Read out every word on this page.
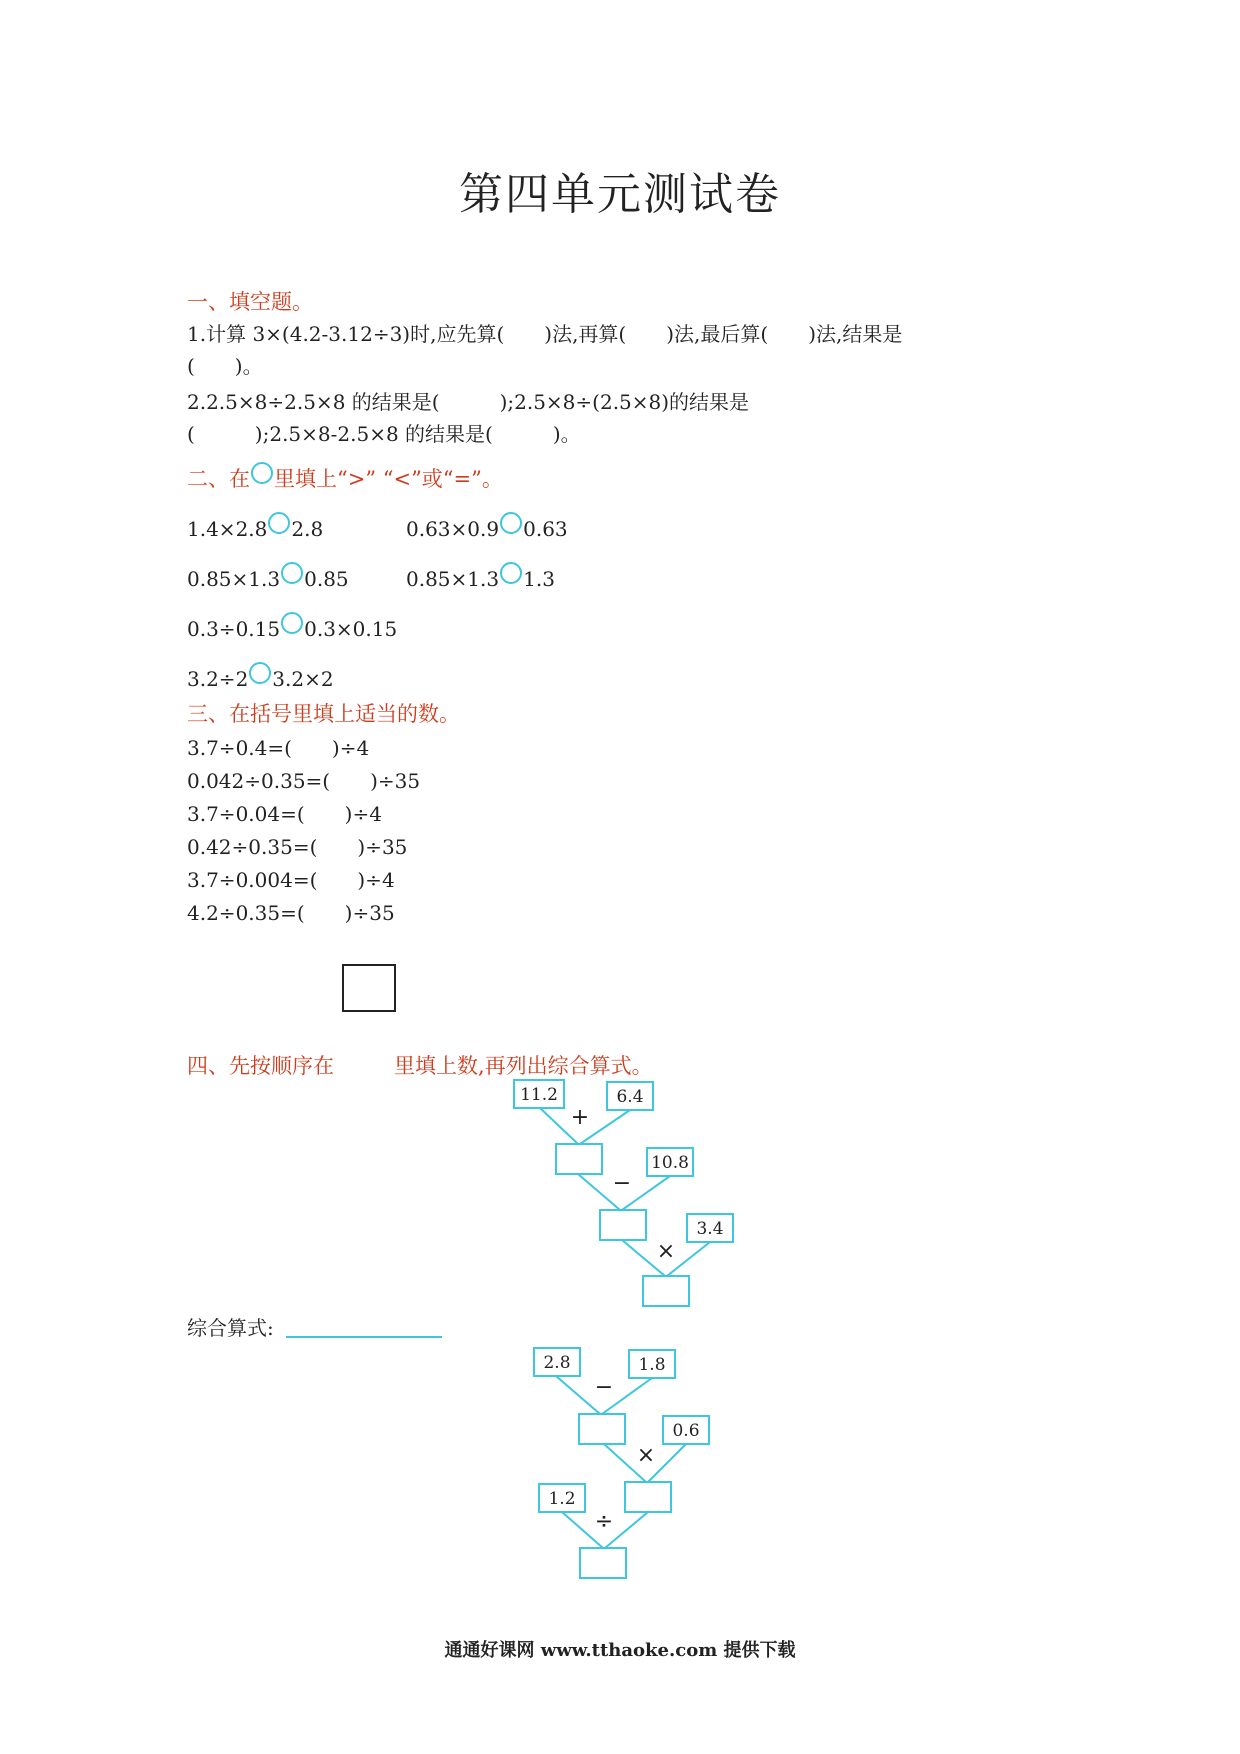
第四单元测试卷
一、填空题。
1.计算 3×(4.2-3.12÷3)时,应先算(　　)法,再算(　　)法,最后算(　　)法,结果是
(　　)。
2.2.5×8÷2.5×8 的结果是(　　　);2.5×8÷(2.5×8)的结果是
(　　　);2.5×8-2.5×8 的结果是(　　　)。
二、在 里填上“>” “<”或“=”。
1.4×2.8 2.8	0.63×0.9 0.63
0.85×1.3 0.85	0.85×1.3 1.3
0.3÷0.15 0.3×0.15
3.2÷2 3.2×2
三、在括号里填上适当的数。
3.7÷0.4=(　　)÷4
0.042÷0.35=(　　)÷35
3.7÷0.04=(　　)÷4
0.42÷0.35=(　　)÷35
3.7÷0.004=(　　)÷4
4.2÷0.35=(　　)÷35
四、先按顺序在	里填上数,再列出综合算式。
11.2	6.4
10.8
3.4
+
−
×
综合算式:
2.8	1.8
0.6
1.2
−
×
÷
通通好课网 www.tthaoke.com 提供下载
